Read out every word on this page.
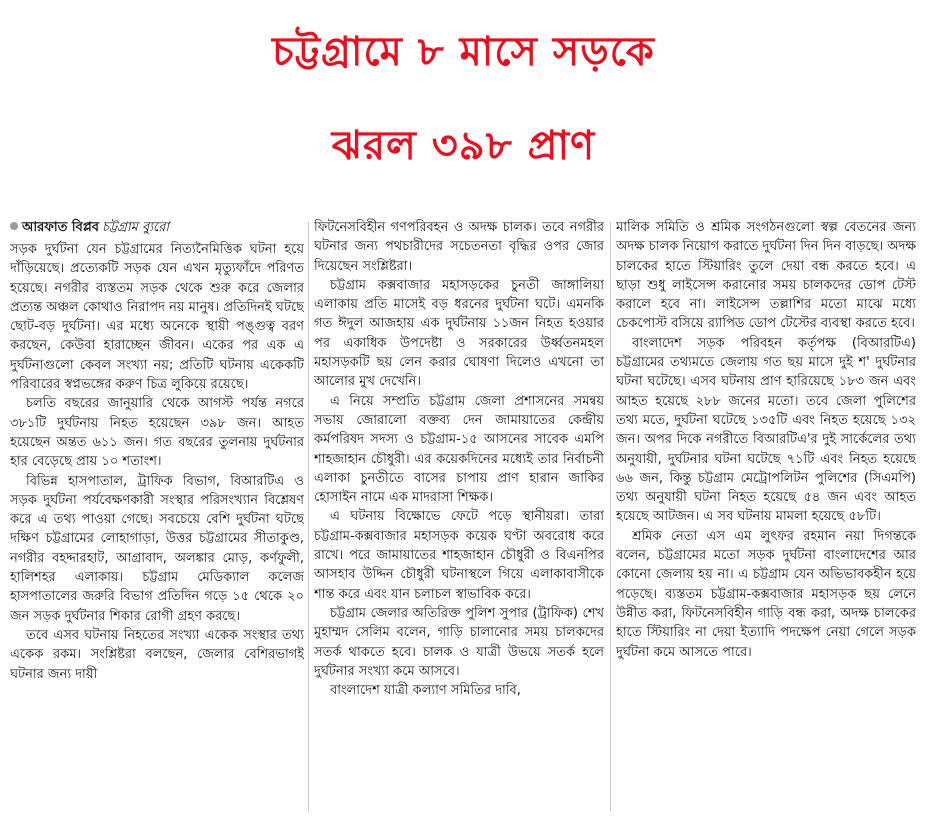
চট্টগ্রামে ৮ মাসে সড়কে
ঝরল ৩৯৮ প্রাণ
আরফাত বিপ্লব চট্টগ্রাম ব্যুরো

সড়ক দুর্ঘটনা যেন চট্টগ্রামের নিত্যনৈমিত্তিক ঘটনা হয়ে দাঁড়িয়েছে। প্রত্যেকটি সড়ক যেন এখন মৃত্যুফাঁদে পরিণত হয়েছে। নগরীর ব্যস্ততম সড়ক থেকে শুরু করে জেলার প্রত্যন্ত অঞ্চল কোথাও নিরাপদ নয় মানুষ। প্রতিদিনই ঘটছে ছোট-বড় দুর্ঘটনা। এর মধ্যে অনেকে স্থায়ী পঙ্গুত্ব বরণ করছেন, কেউবা হারাচ্ছেন জীবন। একের পর এক এ দুর্ঘটনাগুলো কেবল সংখ্যা নয়; প্রতিটি ঘটনায় একেকটি পরিবারের স্বপ্নভঙ্গের করুণ চিত্র লুকিয়ে রয়েছে।

চলতি বছরের জানুয়ারি থেকে আগস্ট পর্যন্ত নগরে ৩৮১টি দুর্ঘটনায় নিহত হয়েছেন ৩৯৮ জন। আহত হয়েছেন অন্তত ৬১১ জন। গত বছরের তুলনায় দুর্ঘটনার হার বেড়েছে প্রায় ১০ শতাংশ।

বিভিন্ন হাসপাতাল, ট্রাফিক বিভাগ, বিআরটিএ ও সড়ক দুর্ঘটনা পর্যবেক্ষণকারী সংস্থার পরিসংখ্যান বিশ্লেষণ করে এ তথ্য পাওয়া গেছে। সবচেয়ে বেশি দুর্ঘটনা ঘটছে দক্ষিণ চট্টগ্রামের লোহাগাড়া, উত্তর চট্টগ্রামের সীতাকুণ্ড, নগরীর বহদ্দারহাট, আগ্রাবাদ, অলঙ্কার মোড়, কর্ণফুলী, হালিশহর এলাকায়। চট্টগ্রাম মেডিক্যাল কলেজ হাসপাতালের জরুরি বিভাগ প্রতিদিন গড়ে ১৫ থেকে ২০ জন সড়ক দুর্ঘটনার শিকার রোগী গ্রহণ করছে।

তবে এসব ঘটনায় নিহতের সংখ্যা একেক সংস্থার তথ্য একেক রকম। সংশ্লিষ্টরা বলছেন, জেলার বেশিরভাগই ঘটনার জন্য দায়ী

ফিটনেসবিহীন গণপরিবহন ও অদক্ষ চালক। তবে নগরীর ঘটনার জন্য পথচারীদের সচেতনতা বৃদ্ধির ওপর জোর দিয়েছেন সংশ্লিষ্টরা।

চট্টগ্রাম কক্সবাজার মহাসড়কের চুনতী জাঙ্গালিয়া এলাকায় প্রতি মাসেই বড় ধরনের দুর্ঘটনা ঘটে। এমনকি গত ঈদুল আজহায় এক দুর্ঘটনায় ১১জন নিহত হওয়ার পর একাধিক উপদেষ্টা ও সরকারের উর্ধ্বতনমহল মহাসড়কটি ছয় লেন করার ঘোষণা দিলেও এখনো তা আলোর মুখ দেখেনি।

এ নিয়ে সম্প্রতি চট্টগ্রাম জেলা প্রশাসনের সমন্বয় সভায় জোরালো বক্তব্য দেন জামায়াতের কেন্দ্রীয় কর্মপরিষদ সদস্য ও চট্টগ্রাম-১৫ আসনের সাবেক এমপি শাহজাহান চৌধুরী। এর কয়েকদিনের মধ্যেই তার নির্বাচনী এলাকা চুনতীতে বাসের চাপায় প্রাণ হারান জাকির হোসাইন নামে এক মাদরাসা শিক্ষক।

এ ঘটনায় বিক্ষোভে ফেটে পড়ে স্থানীয়রা। তারা চট্টগ্রাম-কক্সবাজার মহাসড়ক কয়েক ঘণ্টা অবরোধ করে রাখে। পরে জামায়াতের শাহজাহান চৌধুরী ও বিএনপির আসহাব উদ্দিন চৌধুরী ঘটনাস্থলে গিয়ে এলাকাবাসীকে শান্ত করে এবং যান চলাচল স্বাভাবিক করে।

চট্টগ্রাম জেলার অতিরিক্ত পুলিশ সুপার (ট্রাফিক) শেখ মুহাম্মদ সেলিম বলেন, গাড়ি চালানোর সময় চালকদের সতর্ক থাকতে হবে। চালক ও যাত্রী উভয়ে সতর্ক হলে দুর্ঘটনার সংখ্যা কমে আসবে।

বাংলাদেশ যাত্রী কল্যাণ সমিতির দাবি,

মালিক সমিতি ও শ্রমিক সংগঠনগুলো স্বল্প বেতনের জন্য অদক্ষ চালক নিয়োগ করাতে দুর্ঘটনা দিন দিন বাড়ছে। অদক্ষ চালকের হাতে স্টিয়ারিং তুলে দেয়া বন্ধ করতে হবে। এ ছাড়া শুধু লাইসেন্স করানোর সময় চালকদের ডোপ টেস্ট করালে হবে না। লাইসেন্স তল্লাশির মতো মাঝে মধ্যে চেকপোস্ট বসিয়ে র‍্যাপিড ডোপ টেস্টের ব্যবস্থা করতে হবে।

বাংলাদেশ সড়ক পরিবহন কর্তৃপক্ষ (বিআরটিএ) চট্টগ্রামের তথ্যমতে জেলায় গত ছয় মাসে দুই শ' দুর্ঘটনার ঘটনা ঘটেছে। এসব ঘটনায় প্রাণ হারিয়েছে ১৮৩ জন এবং আহত হয়েছে ২৮৮ জনের মতো। তবে জেলা পুলিশের তথ্য মতে, দুর্ঘটনা ঘটেছে ১৩৫টি এবং নিহত হয়েছে ১৩২ জন। অপর দিকে নগরীতে বিআরটিএ'র দুই সার্কেলের তথ্য অনুযায়ী, দুর্ঘটনার ঘটনা ঘটেছে ৭১টি এবং নিহত হয়েছে ৬৬ জন, কিন্তু চট্টগ্রাম মেট্রোপলিটন পুলিশের (সিএমপি) তথ্য অনুযায়ী ঘটনা নিহত হয়েছে ৫৪ জন এবং আহত হয়েছে আটজন। এ সব ঘটনায় মামলা হয়েছে ৫৮টি।

শ্রমিক নেতা এস এম লুৎফর রহমান নয়া দিগন্তকে বলেন, চট্টগ্রামের মতো সড়ক দুর্ঘটনা বাংলাদেশের আর কোনো জেলায় হয় না। এ চট্টগ্রাম যেন অভিভাবকহীন হয়ে পড়েছে। ব্যস্ততম চট্টগ্রাম-কক্সবাজার মহাসড়ক ছয় লেনে উন্নীত করা, ফিটনেসবিহীন গাড়ি বন্ধ করা, অদক্ষ চালকের হাতে স্টিয়ারিং না দেয়া ইত্যাদি পদক্ষেপ নেয়া গেলে সড়ক দুর্ঘটনা কমে আসতে পারে।
